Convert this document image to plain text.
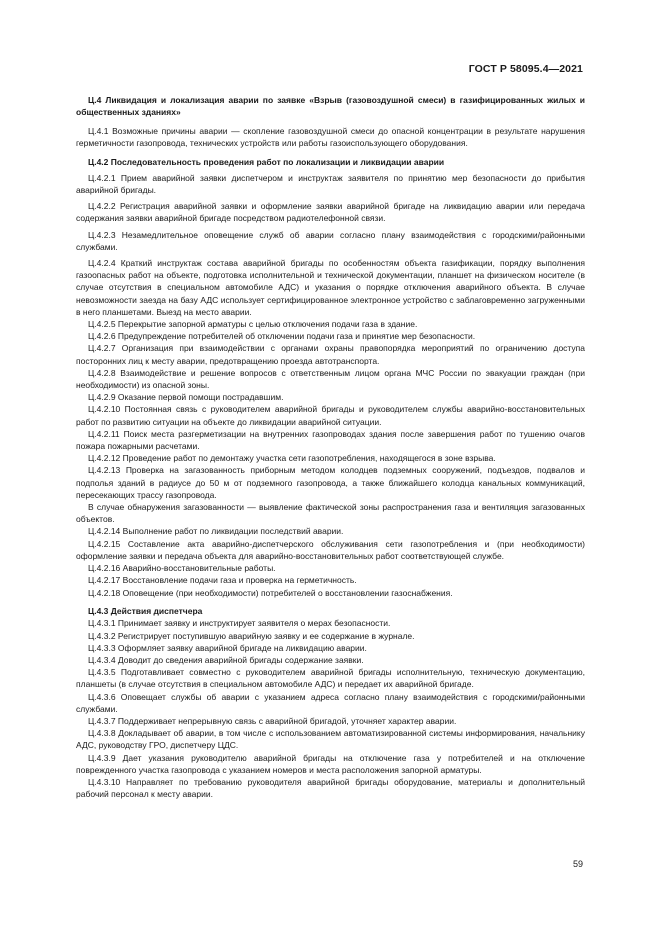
ГОСТ Р 58095.4—2021

Ц.4 Ликвидация и локализация аварии по заявке «Взрыв (газовоздушной смеси) в газифицированных жилых и общественных зданиях»

Ц.4.1 Возможные причины аварии — скопление газовоздушной смеси до опасной концентрации в результате нарушения герметичности газопровода, технических устройств или работы газоиспользующего оборудования.

Ц.4.2 Последовательность проведения работ по локализации и ликвидации аварии

Ц.4.2.1 Прием аварийной заявки диспетчером и инструктаж заявителя по принятию мер безопасности до прибытия аварийной бригады.

Ц.4.2.2 Регистрация аварийной заявки и оформление заявки аварийной бригаде на ликвидацию аварии или передача содержания заявки аварийной бригаде посредством радиотелефонной связи.

Ц.4.2.3 Незамедлительное оповещение служб об аварии согласно плану взаимодействия с городскими/районными службами.

Ц.4.2.4 Краткий инструктаж состава аварийной бригады по особенностям объекта газификации, порядку выполнения газоопасных работ на объекте, подготовка исполнительной и технической документации, планшет на физическом носителе (в случае отсутствия в специальном автомобиле АДС) и указания о порядке отключения аварийного объекта. В случае невозможности заезда на базу АДС использует сертифицированное электронное устройство с заблаговременно загруженными в него планшетами. Выезд на место аварии.

Ц.4.2.5 Перекрытие запорной арматуры с целью отключения подачи газа в здание.

Ц.4.2.6 Предупреждение потребителей об отключении подачи газа и принятие мер безопасности.

Ц.4.2.7 Организация при взаимодействии с органами охраны правопорядка мероприятий по ограничению доступа посторонних лиц к месту аварии, предотвращению проезда автотранспорта.

Ц.4.2.8 Взаимодействие и решение вопросов с ответственным лицом органа МЧС России по эвакуации граждан (при необходимости) из опасной зоны.

Ц.4.2.9 Оказание первой помощи пострадавшим.

Ц.4.2.10 Постоянная связь с руководителем аварийной бригады и руководителем службы аварийно-восстановительных работ по развитию ситуации на объекте до ликвидации аварийной ситуации.

Ц.4.2.11 Поиск места разгерметизации на внутренних газопроводах здания после завершения работ по тушению очагов пожара пожарными расчетами.

Ц.4.2.12 Проведение работ по демонтажу участка сети газопотребления, находящегося в зоне взрыва.

Ц.4.2.13 Проверка на загазованность приборным методом колодцев подземных сооружений, подъездов, подвалов и подполья зданий в радиусе до 50 м от подземного газопровода, а также ближайшего колодца канальных коммуникаций, пересекающих трассу газопровода.

В случае обнаружения загазованности — выявление фактической зоны распространения газа и вентиляция загазованных объектов.

Ц.4.2.14 Выполнение работ по ликвидации последствий аварии.

Ц.4.2.15 Составление акта аварийно-диспетчерского обслуживания сети газопотребления и (при необходимости) оформление заявки и передача объекта для аварийно-восстановительных работ соответствующей службе.

Ц.4.2.16 Аварийно-восстановительные работы.

Ц.4.2.17 Восстановление подачи газа и проверка на герметичность.

Ц.4.2.18 Оповещение (при необходимости) потребителей о восстановлении газоснабжения.

Ц.4.3 Действия диспетчера

Ц.4.3.1 Принимает заявку и инструктирует заявителя о мерах безопасности.

Ц.4.3.2 Регистрирует поступившую аварийную заявку и ее содержание в журнале.

Ц.4.3.3 Оформляет заявку аварийной бригаде на ликвидацию аварии.

Ц.4.3.4 Доводит до сведения аварийной бригады содержание заявки.

Ц.4.3.5 Подготавливает совместно с руководителем аварийной бригады исполнительную, техническую документацию, планшеты (в случае отсутствия в специальном автомобиле АДС) и передает их аварийной бригаде.

Ц.4.3.6 Оповещает службы об аварии с указанием адреса согласно плану взаимодействия с городскими/районными службами.

Ц.4.3.7 Поддерживает непрерывную связь с аварийной бригадой, уточняет характер аварии.

Ц.4.3.8 Докладывает об аварии, в том числе с использованием автоматизированной системы информирования, начальнику АДС, руководству ГРО, диспетчеру ЦДС.

Ц.4.3.9 Дает указания руководителю аварийной бригады на отключение газа у потребителей и на отключение поврежденного участка газопровода с указанием номеров и места расположения запорной арматуры.

Ц.4.3.10 Направляет по требованию руководителя аварийной бригады оборудование, материалы и дополнительный рабочий персонал к месту аварии.

59
